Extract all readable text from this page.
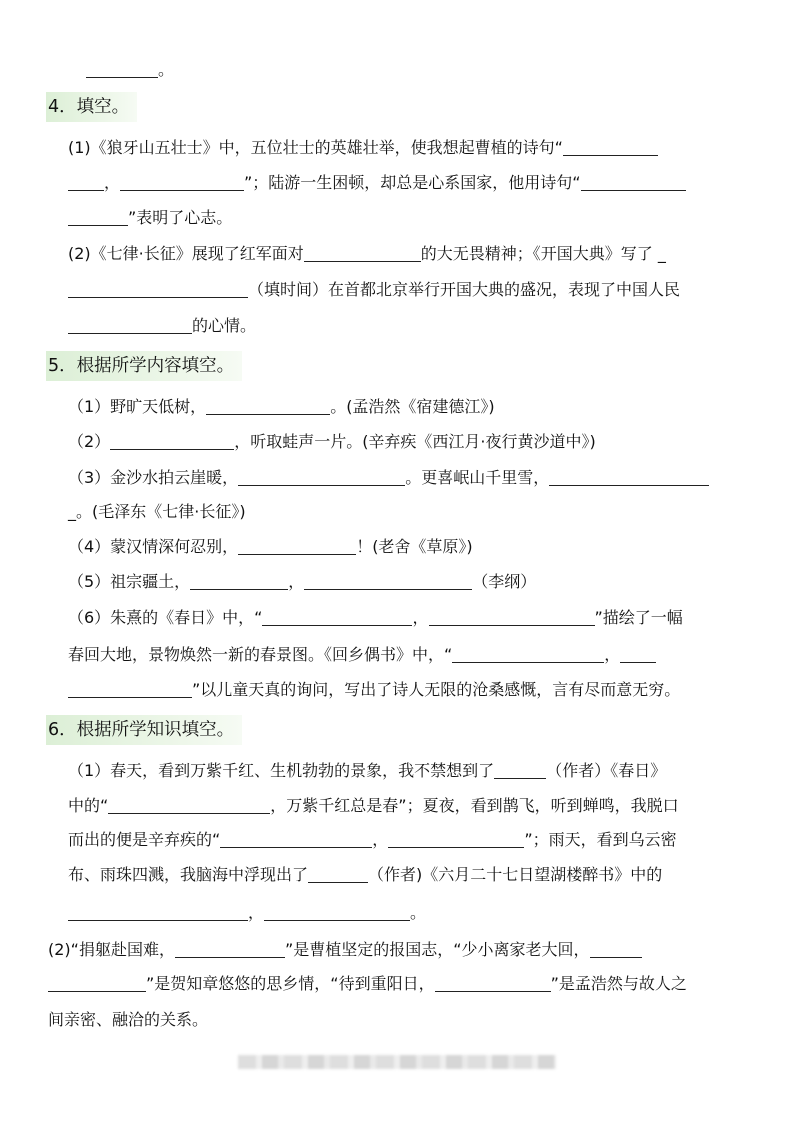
。
4．填空。
(1)《狼牙山五壮士》中，五位壮士的英雄壮举，使我想起曹植的诗句“
，	”；陆游一生困顿，却总是心系国家，他用诗句“
”表明了心志。
(2)《七律·长征》展现了红军面对	的大无畏精神；《开国大典》写了 _
（填时间）在首都北京举行开国大典的盛况，表现了中国人民
的心情。
5．根据所学内容填空。
（1）野旷天低树，	。(孟浩然《宿建德江》)
（2）	，听取蛙声一片。(辛弃疾《西江月·夜行黄沙道中》)
（3）金沙水拍云崖暖，	。更喜岷山千里雪，
_。(毛泽东《七律·长征》)
（4）蒙汉情深何忍别，	！(老舍《草原》)
（5）祖宗疆土，	，	（李纲）
（6）朱熹的《春日》中，“	，	”描绘了一幅
春回大地，景物焕然一新的春景图。《回乡偶书》中，“	，
”以儿童天真的询问，写出了诗人无限的沧桑感慨，言有尽而意无穷。
6．根据所学知识填空。
（1）春天，看到万紫千红、生机勃勃的景象，我不禁想到了	（作者）《春日》
中的“	，万紫千红总是春”；夏夜，看到鹊飞，听到蝉鸣，我脱口
而出的便是辛弃疾的“	，	”；雨天，看到乌云密
布、雨珠四溅，我脑海中浮现出了	（作者)《六月二十七日望湖楼醉书》中的
，	。
(2)“捐躯赴国难，	”是曹植坚定的报国志，“少小离家老大回，
”是贺知章悠悠的思乡情，“待到重阳日，	”是孟浩然与故人之
间亲密、融洽的关系。
